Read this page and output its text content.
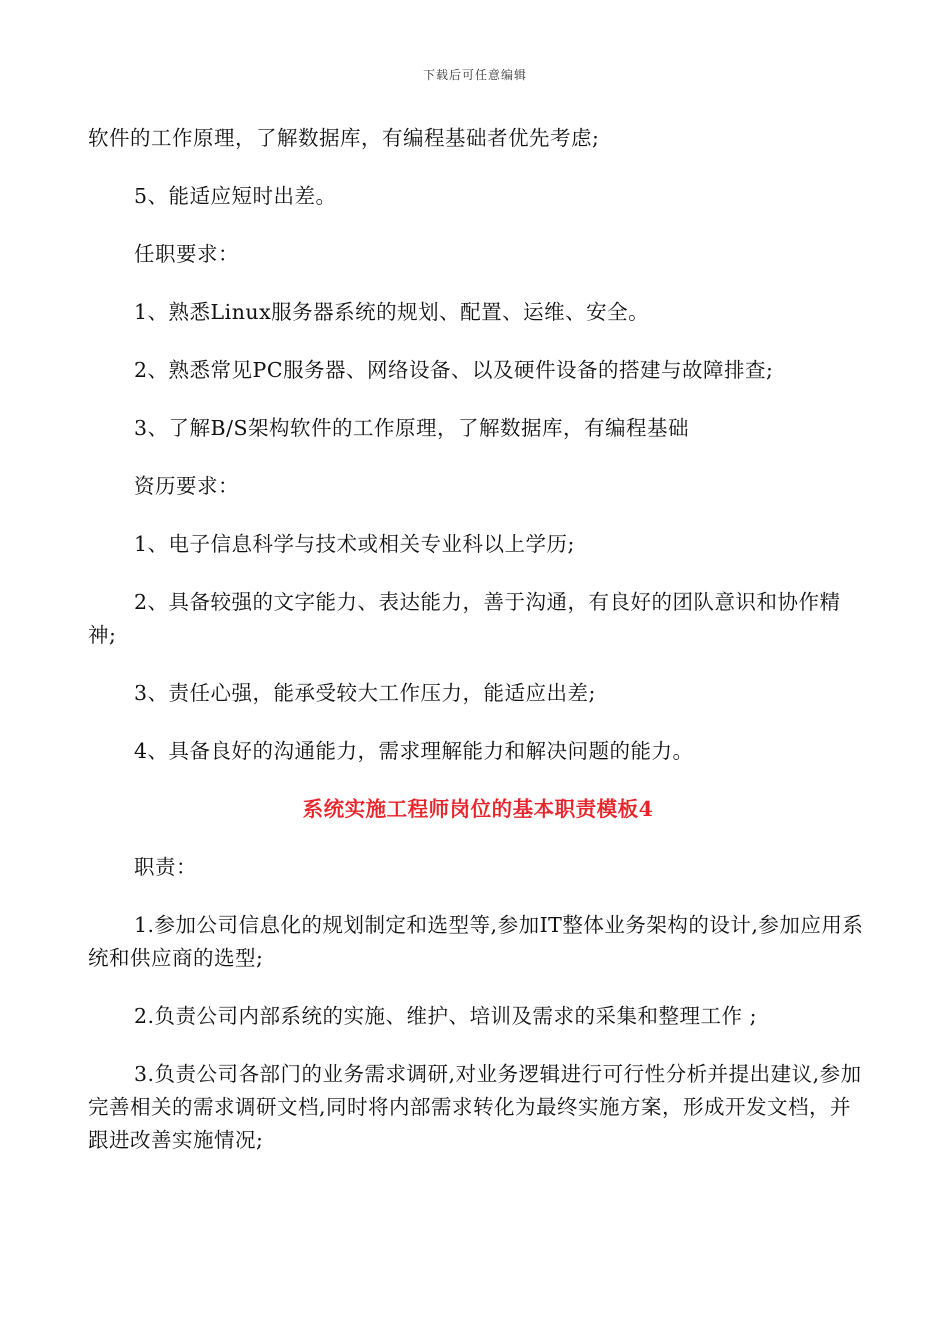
下载后可任意编辑

软件的工作原理，了解数据库，有编程基础者优先考虑;

5、能适应短时出差。

任职要求：

1、熟悉Linux服务器系统的规划、配置、运维、安全。

2、熟悉常见PC服务器、网络设备、以及硬件设备的搭建与故障排查;

3、了解B/S架构软件的工作原理，了解数据库，有编程基础

资历要求：

1、电子信息科学与技术或相关专业科以上学历;

2、具备较强的文字能力、表达能力，善于沟通，有良好的团队意识和协作精神;

3、责任心强，能承受较大工作压力，能适应出差;

4、具备良好的沟通能力，需求理解能力和解决问题的能力。

系统实施工程师岗位的基本职责模板4

职责：

1.参加公司信息化的规划制定和选型等,参加IT整体业务架构的设计,参加应用系统和供应商的选型;

2.负责公司内部系统的实施、维护、培训及需求的采集和整理工作 ;

3.负责公司各部门的业务需求调研,对业务逻辑进行可行性分析并提出建议,参加完善相关的需求调研文档,同时将内部需求转化为最终实施方案，形成开发文档，并跟进改善实施情况;
